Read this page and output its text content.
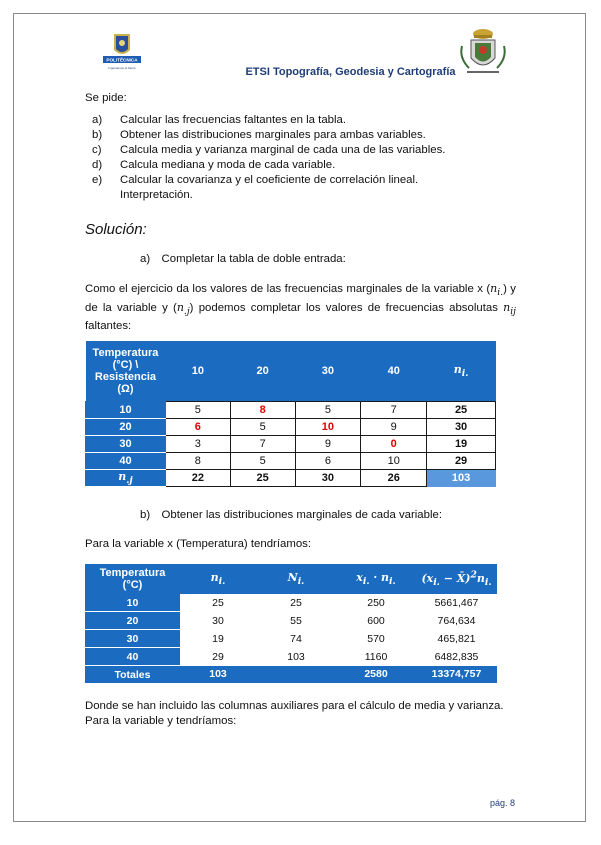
POLITÉCNICA
Ingeniamos el futuro	ETSI Topografía, Geodesia y Cartografía
Se pide:
a)	Calcular las frecuencias faltantes en la tabla.
b)	Obtener las distribuciones marginales para ambas variables.
c)	Calcula media y varianza marginal de cada una de las variables.
d)	Calcula mediana y moda de cada variable.
e)	Calcular la covarianza y el coeficiente de correlación lineal.
Interpretación.
Solución:
a) Completar la tabla de doble entrada:
Como el ejercicio da los valores de las frecuencias marginales de la variable x $(n_{i.})$ y de la variable y $(n_{.j})$ podemos completar los valores de frecuencias absolutas $n_{ij}$ faltantes:
Temperatura
(°C) \
Resistencia
(Ω)	10	20	30	40	$n_{i.}$
10	5	8	5	7	25
20	6	5	10	9	30
30	3	7	9	0	19
40	8	5	6	10	29
$n_{.j}$	22	25	30	26	103
b) Obtener las distribuciones marginales de cada variable:
Para la variable x (Temperatura) tendríamos:
Temperatura
(°C)	$n_{i.}$	$N_{i.}$	$x_{i.} \cdot n_{i.}$	($x_{i.}$ − $X̄)^2n_{i.}$
10	25	25	250	5661,467
20	30	55	600	764,634
30	19	74	570	465,821
40	29	103	1160	6482,835
Totales	103		2580	13374,757
Donde se han incluido las columnas auxiliares para el cálculo de media y varianza.
Para la variable y tendríamos:
pág. 8
